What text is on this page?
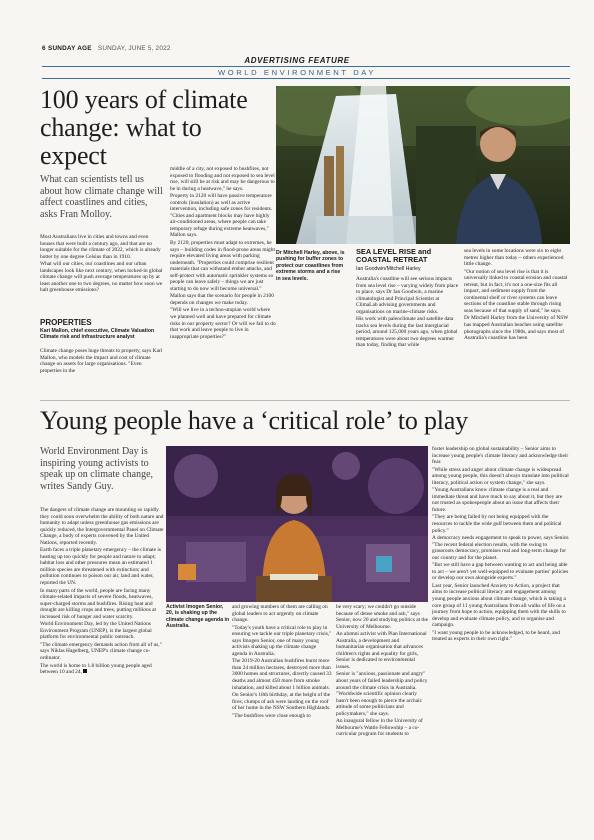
6 SUNDAY AGE SUNDAY, JUNE 5, 2022
ADVERTISING FEATURE
WORLD ENVIRONMENT DAY
100 years of climate change: what to expect
What can scientists tell us about how climate change will affect coastlines and cities, asks Fran Molloy.

Most Australians live in cities and towns and even houses that were built a century ago, and that are no longer suitable for the climate of 2022, which is already hotter by one degree Celsius than in 1910.

What will our cities, our coastlines and our urban landscapes look like next century, when locked-in global climate change will push average temperatures up by at least another one to two degrees, no matter how soon we halt greenhouse emissions?

PROPERTIES
Kari Mallon, chief executive, Climate Valuation
Climate risk and infrastructure analyst

Climate change poses huge threats to property, says Karl Mallon, who models the impact and cost of climate change on assets for large organisations. "Even properties in the

middle of a city, not exposed to bushfires, not exposed to flooding and not exposed to sea level rise, will still be at risk and may be dangerous to be in during a heatwave," he says.

Property in 2120 will have passive temperature controls (insulation) as well as active intervention, including safe zones for residents. "Cities and apartment blocks may have highly air-conditioned areas, where people can take temporary refuge during extreme heatwaves," Mallon says.

By 2120, properties must adapt to extremes, he says – building codes in flood-prone areas might require elevated living areas with parking underneath. "Properties could comprise resilient materials that can withstand ember attacks, and self-protect with automatic sprinkler systems so people can leave safely – things we are just starting to do now will become universal."

Mallon says that the scenario for people in 2100 depends on changes we make today.

"Will we live in a techno-utopian world where we planned well and have prepared for climate risks in our property sector? Or will we fail to do that work and leave people to live in inappropriate properties?"

Dr Mitchell Harley, above, is pushing for buffer zones to protect our coastlines from extreme storms and a rise in sea levels.
SEA LEVEL RISE and COASTAL RETREAT
Ian Goodwin/Mitchell Harley

Australia's coastline will see serious impacts from sea level rise – varying widely from place to place, says Dr Ian Goodwin, a marine climatologist and Principal Scientist at ClimaLab advising governments and organisations on marine-climate risks.

His work with paleoclimate and satellite data tracks sea levels during the last interglacial period, around 125,000 years ago, when global temperatures were about two degrees warmer than today, finding that while

sea levels in some locations were six to eight metres higher than today – others experienced little change.

"Our notion of sea level rise is that it is universally linked to coastal erosion and coastal retreat, but in fact, it's not a one-size fits all impact, and sediment supply from the continental shelf or river systems can leave sections of the coastline stable through rising seas because of that supply of sand," he says.

Dr Mitchell Harley from the University of NSW has mapped Australian beaches using satellite photographs since the 1980s, and says most of Australia's coastline has been

Young people have a ‘critical role’ to play
World Environment Day is inspiring young activists to speak up on climate change, writes Sandy Guy.

The dangers of climate change are mounting so rapidly they could soon overwhelm the ability of both nature and humanity to adapt unless greenhouse gas emissions are quickly reduced, the Intergovernmental Panel on Climate Change, a body of experts convened by the United Nations, reported recently.

Earth faces a triple planetary emergency – the climate is heating up too quickly for people and nature to adapt; habitat loss and other pressures mean an estimated 1 million species are threatened with extinction; and pollution continues to poison our air, land and water, reported the UN.

In many parts of the world, people are facing many climate-related impacts of severe floods, heatwaves, super-charged storms and bushfires. Rising heat and drought are killing crops and trees, putting millions at increased risk of hunger and water scarcity.

World Environment Day, led by the United Nations Environment Program (UNEP), is the largest global platform for environmental public outreach.

"The climate emergency demands action from all of us," says Niklas Hagelberg, UNEP's climate change co-ordinator.

The world is home to 1.8 billion young people aged between 10 and 24,

Activist Imogen Senior, 20, is shaking up the climate change agenda in Australia.

and growing numbers of them are calling on global leaders to act urgently on climate change.

"Today's youth have a critical role to play in ensuring we tackle our triple planetary crisis," says Imogen Senior, one of many young activists shaking up the climate change agenda in Australia.

The 2019-20 Australian bushfires burnt more than 24 million hectares, destroyed more than 3000 homes and structures, directly caused 33 deaths and almost 450 more from smoke inhalation, and killed about 1 billion animals.

On Senior's 18th birthday, at the height of the fires, clumps of ash were landing on the roof of her home in the NSW Southern Highlands.

"The bushfires were close enough to

be very scary; we couldn't go outside because of dense smoke and ash," says Senior, now 20 and studying politics at the University of Melbourne.

An alumni activist with Plan International Australia, a development and humanitarian organisation that advances children's rights and equality for girls, Senior is dedicated to environmental issues.

Senior is "anxious, passionate and angry" about years of failed leadership and policy around the climate crisis in Australia. "Worldwide scientific opinion clearly hasn't been enough to pierce the archaic attitude of some politicians and policymakers," she says.

An inaugural fellow in the University of Melbourne's Wattle Fellowship – a co-curricular program for students to

foster leadership on global sustainability – Senior aims to increase young people's climate literacy and acknowledge their fear.

"While stress and anger about climate change is widespread among young people, this doesn't always translate into political literacy, political action or system change," she says.

"Young Australians know climate change is a real and immediate threat and have much to say about it, but they are not trusted as spokespeople about an issue that affects their future.

"They are being failed by not being equipped with the resources to tackle the wide gulf between them and political policy."

A democracy needs engagement to speak to power, says Senior. "The recent federal election results, with the swing to grassroots democracy, promises real and long-term change for our country and for the planet.

"But we still have a gap between wanting to act and being able to act – we aren't yet well-equipped to evaluate parties' policies or develop our own alongside experts."

Last year, Senior launched Anxiety to Action, a project that aims to increase political literacy and engagement among young people anxious about climate change, which is taking a core group of 11 young Australians from all walks of life on a journey from hope to action, equipping them with the skills to develop and evaluate climate policy, and to organise and campaign.

"I want young people to be acknowledged, to be heard, and treated as experts in their own right."
